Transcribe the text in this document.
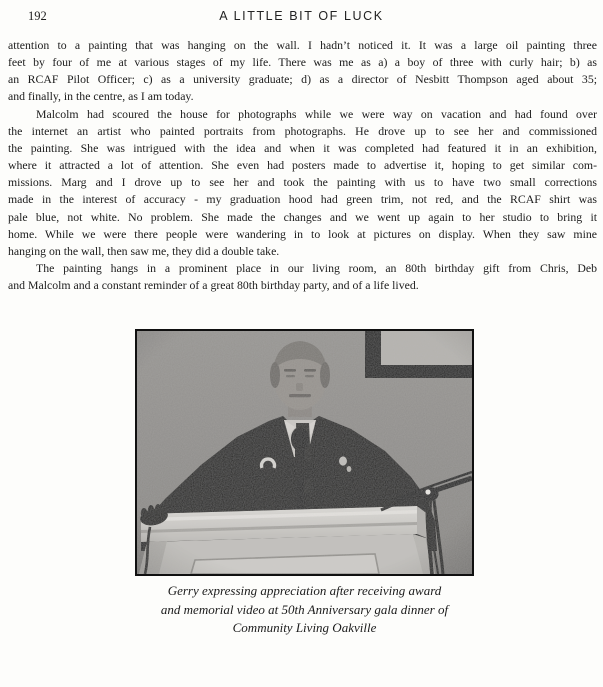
192	A LITTLE BIT OF LUCK
attention to a painting that was hanging on the wall. I hadn’t noticed it. It was a large oil painting three
feet by four of me at various stages of my life. There was me as a) a boy of three with curly hair; b) as
an RCAF Pilot Officer; c) as a university graduate; d) as a director of Nesbitt Thompson aged about 35;
and finally, in the centre, as I am today.
Malcolm had scoured the house for photographs while we were way on vacation and had found over
the internet an artist who painted portraits from photographs. He drove up to see her and commissioned
the painting. She was intrigued with the idea and when it was completed had featured it in an exhibition,
where it attracted a lot of attention. She even had posters made to advertise it, hoping to get similar com-
missions. Marg and I drove up to see her and took the painting with us to have two small corrections
made in the interest of accuracy - my graduation hood had green trim, not red, and the RCAF shirt was
pale blue, not white. No problem. She made the changes and we went up again to her studio to bring it
home. While we were there people were wandering in to look at pictures on display. When they saw mine
hanging on the wall, then saw me, they did a double take.
The painting hangs in a prominent place in our living room, an 80th birthday gift from Chris, Deb
and Malcolm and a constant reminder of a great 80th birthday party, and of a life lived.
Gerry expressing appreciation after receiving award
and memorial video at 50th Anniversary gala dinner of
Community Living Oakville
